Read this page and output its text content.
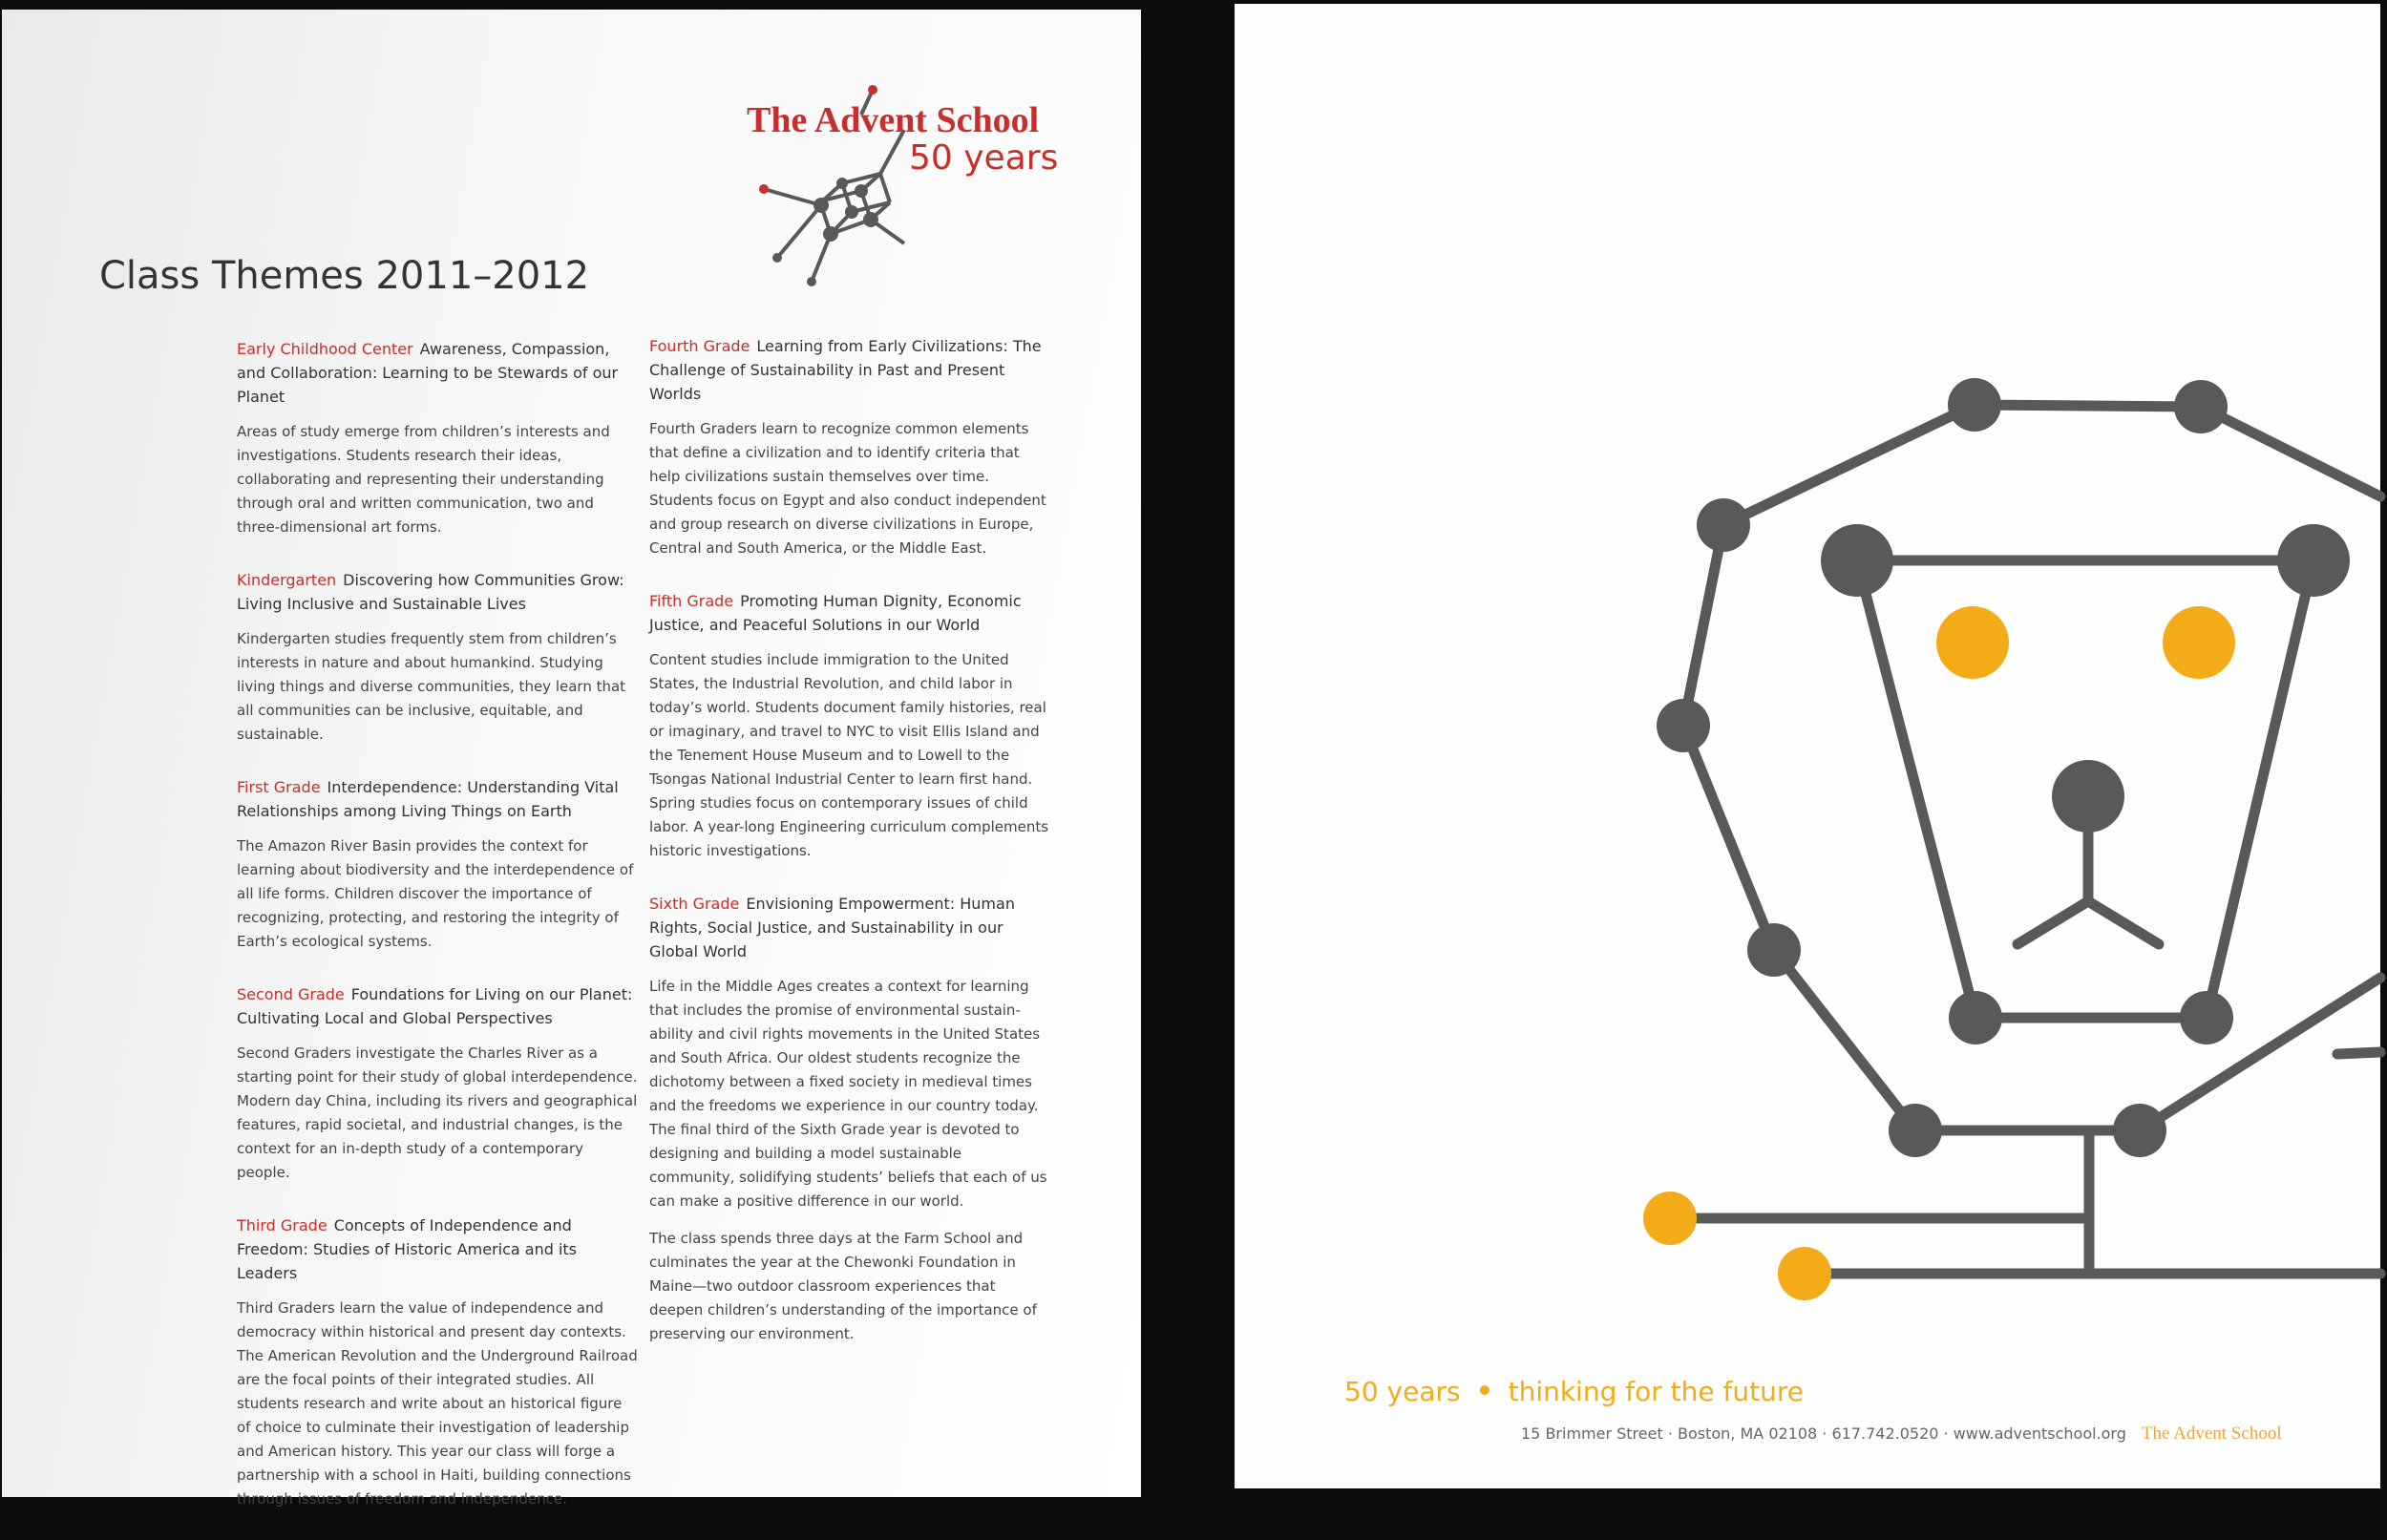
The Advent School
50 years
Class Themes 2011–2012

Early Childhood Center Awareness, Compassion, and Collaboration: Learning to be Stewards of our Planet

Areas of study emerge from children’s interests and investigations. Students research their ideas, collaborating and representing their understanding through oral and written communication, two and three-dimensional art forms.

Kindergarten Discovering how Communities Grow: Living Inclusive and Sustainable Lives

Kindergarten studies frequently stem from children’s interests in nature and about humankind. Studying living things and diverse communities, they learn that all communities can be inclusive, equitable, and sustainable.

First Grade Interdependence: Understanding Vital Relationships among Living Things on Earth

The Amazon River Basin provides the context for learning about biodiversity and the interdependence of all life forms. Children discover the importance of recognizing, protecting, and restoring the integrity of Earth’s ecological systems.

Second Grade Foundations for Living on our Planet: Cultivating Local and Global Perspectives

Second Graders investigate the Charles River as a starting point for their study of global interdependence. Modern day China, including its rivers and geographical features, rapid societal, and industrial changes, is the context for an in-depth study of a contemporary people.

Third Grade Concepts of Independence and Freedom: Studies of Historic America and its Leaders

Third Graders learn the value of independence and democracy within historical and present day contexts. The American Revolution and the Underground Railroad are the focal points of their integrated studies. All students research and write about an historical figure of choice to culminate their investigation of leadership and American history. This year our class will forge a partnership with a school in Haiti, building connections through issues of freedom and independence.

Fourth Grade Learning from Early Civilizations: The Challenge of Sustainability in Past and Present Worlds

Fourth Graders learn to recognize common elements that define a civilization and to identify criteria that help civilizations sustain themselves over time. Students focus on Egypt and also conduct independent and group research on diverse civilizations in Europe, Central and South America, or the Middle East.

Fifth Grade Promoting Human Dignity, Economic Justice, and Peaceful Solutions in our World

Content studies include immigration to the United States, the Industrial Revolution, and child labor in today’s world. Students document family histories, real or imaginary, and travel to NYC to visit Ellis Island and the Tenement House Museum and to Lowell to the Tsongas National Industrial Center to learn first hand. Spring studies focus on contemporary issues of child labor. A year-long Engineering curriculum complements historic investigations.

Sixth Grade Envisioning Empowerment: Human Rights, Social Justice, and Sustainability in our Global World

Life in the Middle Ages creates a context for learning that includes the promise of environmental sustain-ability and civil rights movements in the United States and South Africa. Our oldest students recognize the dichotomy between a fixed society in medieval times and the freedoms we experience in our country today. The final third of the Sixth Grade year is devoted to designing and building a model sustainable community, solidifying students’ beliefs that each of us can make a positive difference in our world.

The class spends three days at the Farm School and culminates the year at the Chewonki Foundation in Maine—two outdoor classroom experiences that deepen children’s understanding of the importance of preserving our environment.

50 years thinking for the future
15 Brimmer Street · Boston, MA 02108 · 617.742.0520 · www.adventschool.org The Advent School
